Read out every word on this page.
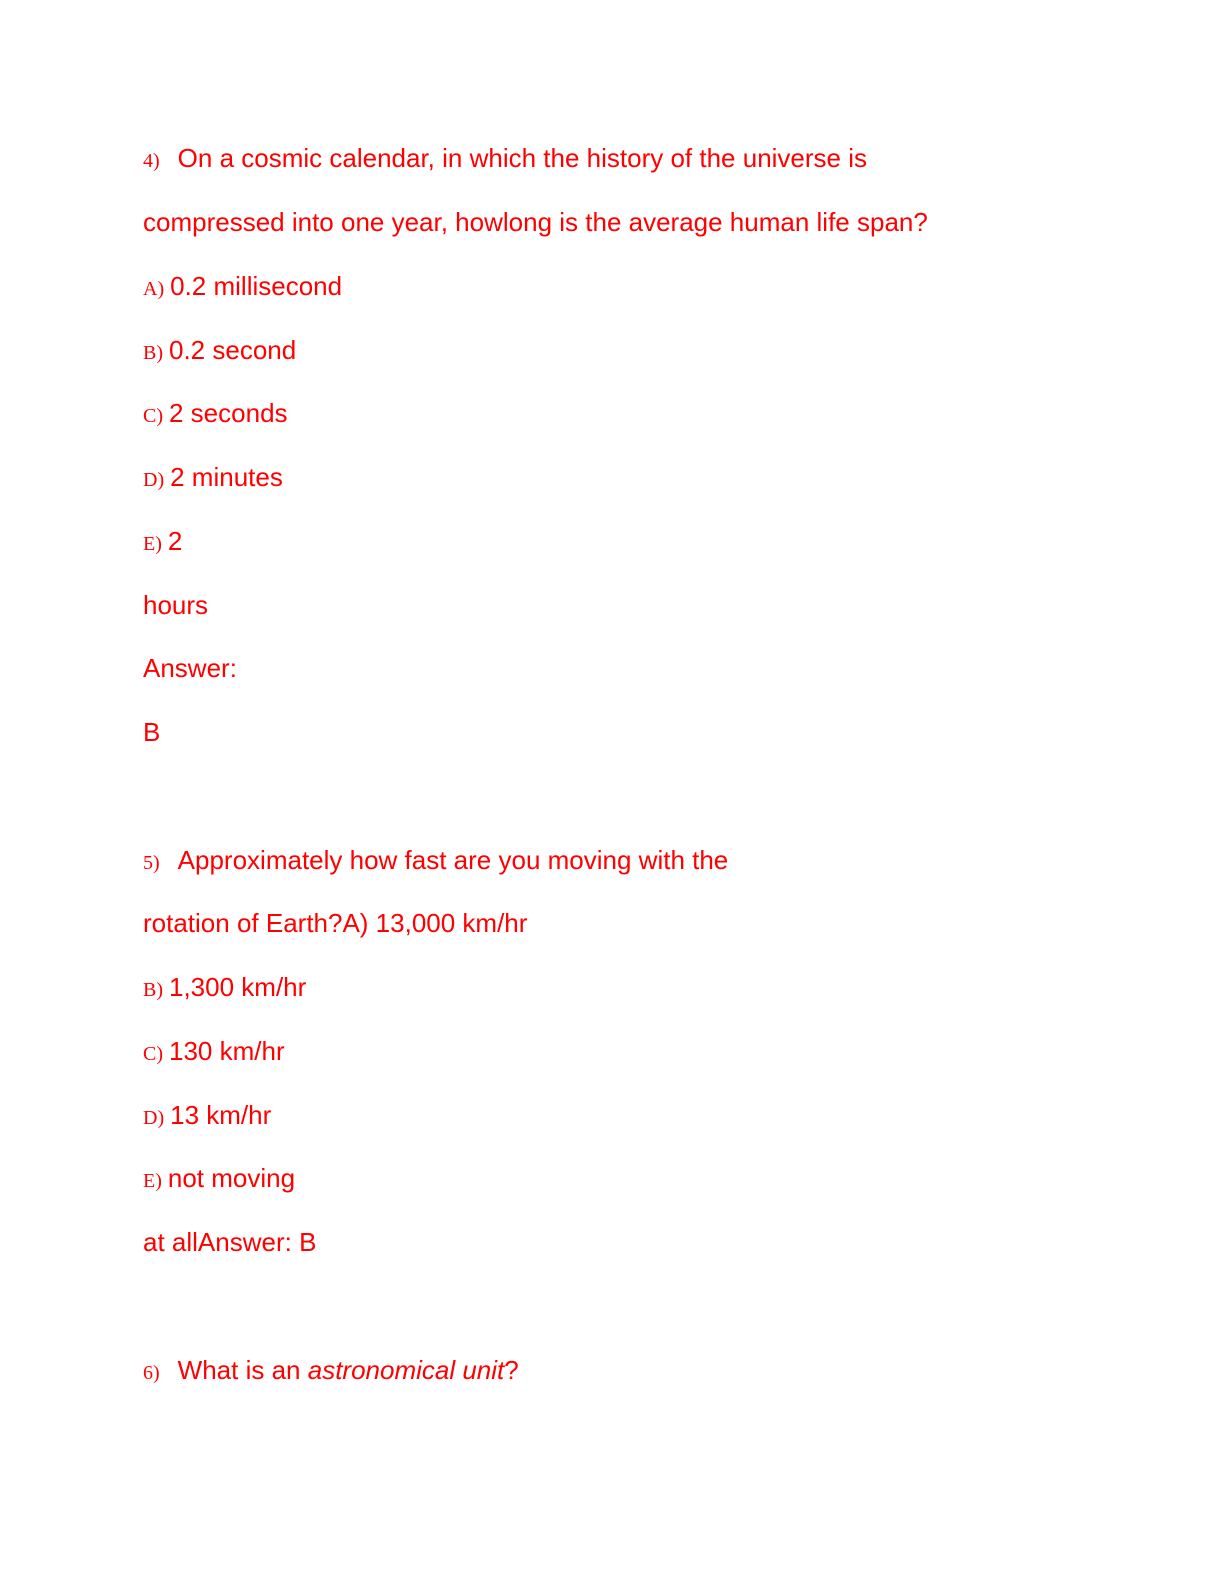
4) On a cosmic calendar, in which the history of the universe is
compressed into one year, howlong is the average human life span?
A) 0.2 millisecond
B) 0.2 second
C) 2 seconds
D) 2 minutes
E) 2
hours
Answer:
B
5) Approximately how fast are you moving with the
rotation of Earth?A) 13,000 km/hr
B) 1,300 km/hr
C) 130 km/hr
D) 13 km/hr
E) not moving
at allAnswer: B
6) What is an astronomical unit?
